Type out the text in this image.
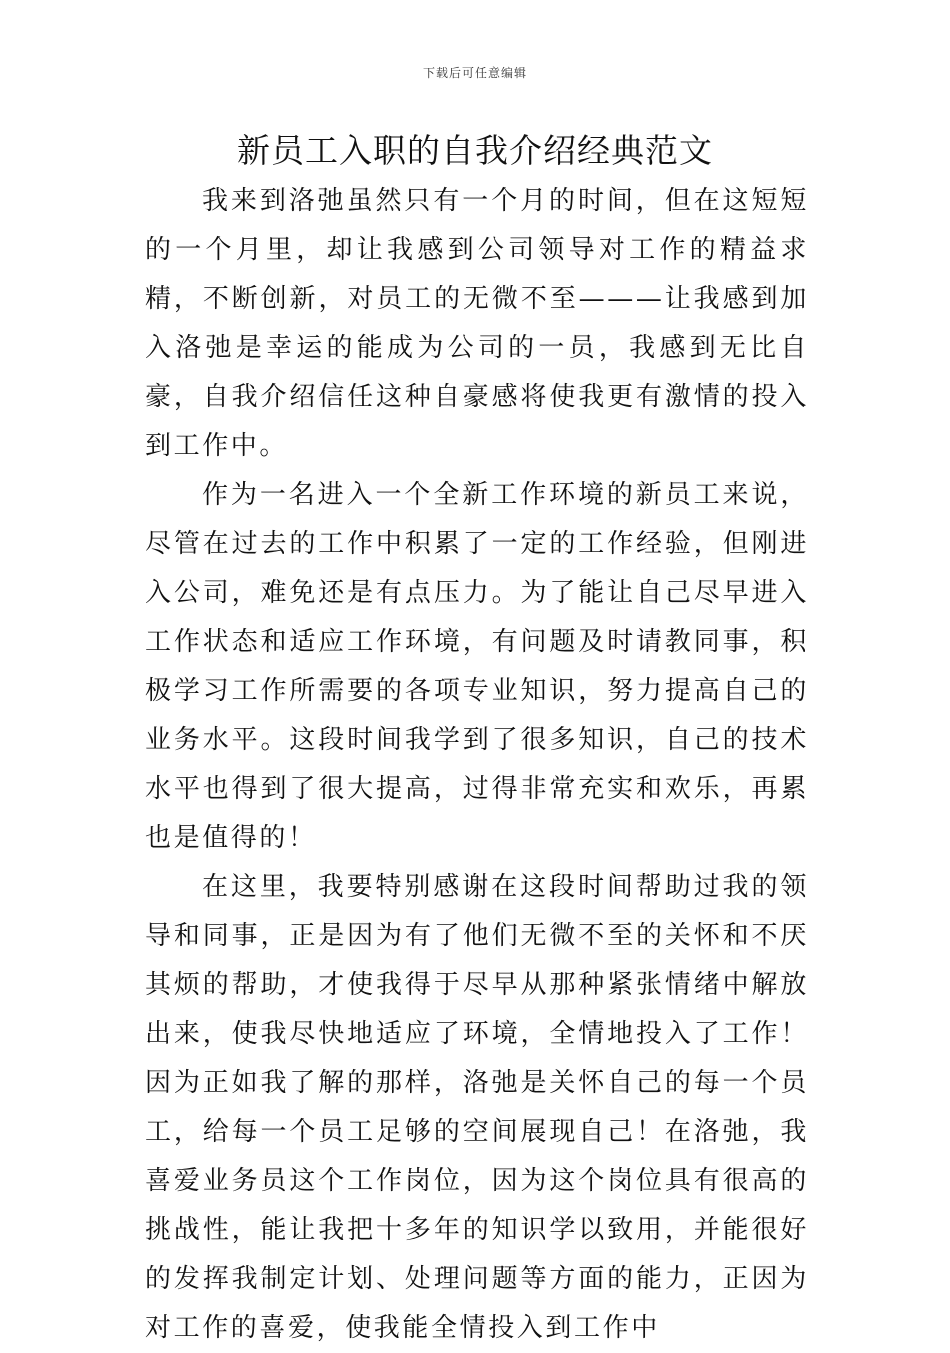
下载后可任意编辑
新员工入职的自我介绍经典范文

我来到洛弛虽然只有一个月的时间，但在这短短的一个月里，却让我感到公司领导对工作的精益求精，不断创新，对员工的无微不至———让我感到加入洛弛是幸运的能成为公司的一员，我感到无比自豪，自我介绍信任这种自豪感将使我更有激情的投入到工作中。

作为一名进入一个全新工作环境的新员工来说，尽管在过去的工作中积累了一定的工作经验，但刚进入公司，难免还是有点压力。为了能让自己尽早进入工作状态和适应工作环境，有问题及时请教同事，积极学习工作所需要的各项专业知识，努力提高自己的业务水平。这段时间我学到了很多知识，自己的技术水平也得到了很大提高，过得非常充实和欢乐，再累也是值得的！

在这里，我要特别感谢在这段时间帮助过我的领导和同事，正是因为有了他们无微不至的关怀和不厌其烦的帮助，才使我得于尽早从那种紧张情绪中解放出来，使我尽快地适应了环境，全情地投入了工作！因为正如我了解的那样，洛弛是关怀自己的每一个员工，给每一个员工足够的空间展现自己！在洛弛，我喜爱业务员这个工作岗位，因为这个岗位具有很高的挑战性，能让我把十多年的知识学以致用，并能很好的发挥我制定计划、处理问题等方面的能力，正因为对工作的喜爱，使我能全情投入到工作中
